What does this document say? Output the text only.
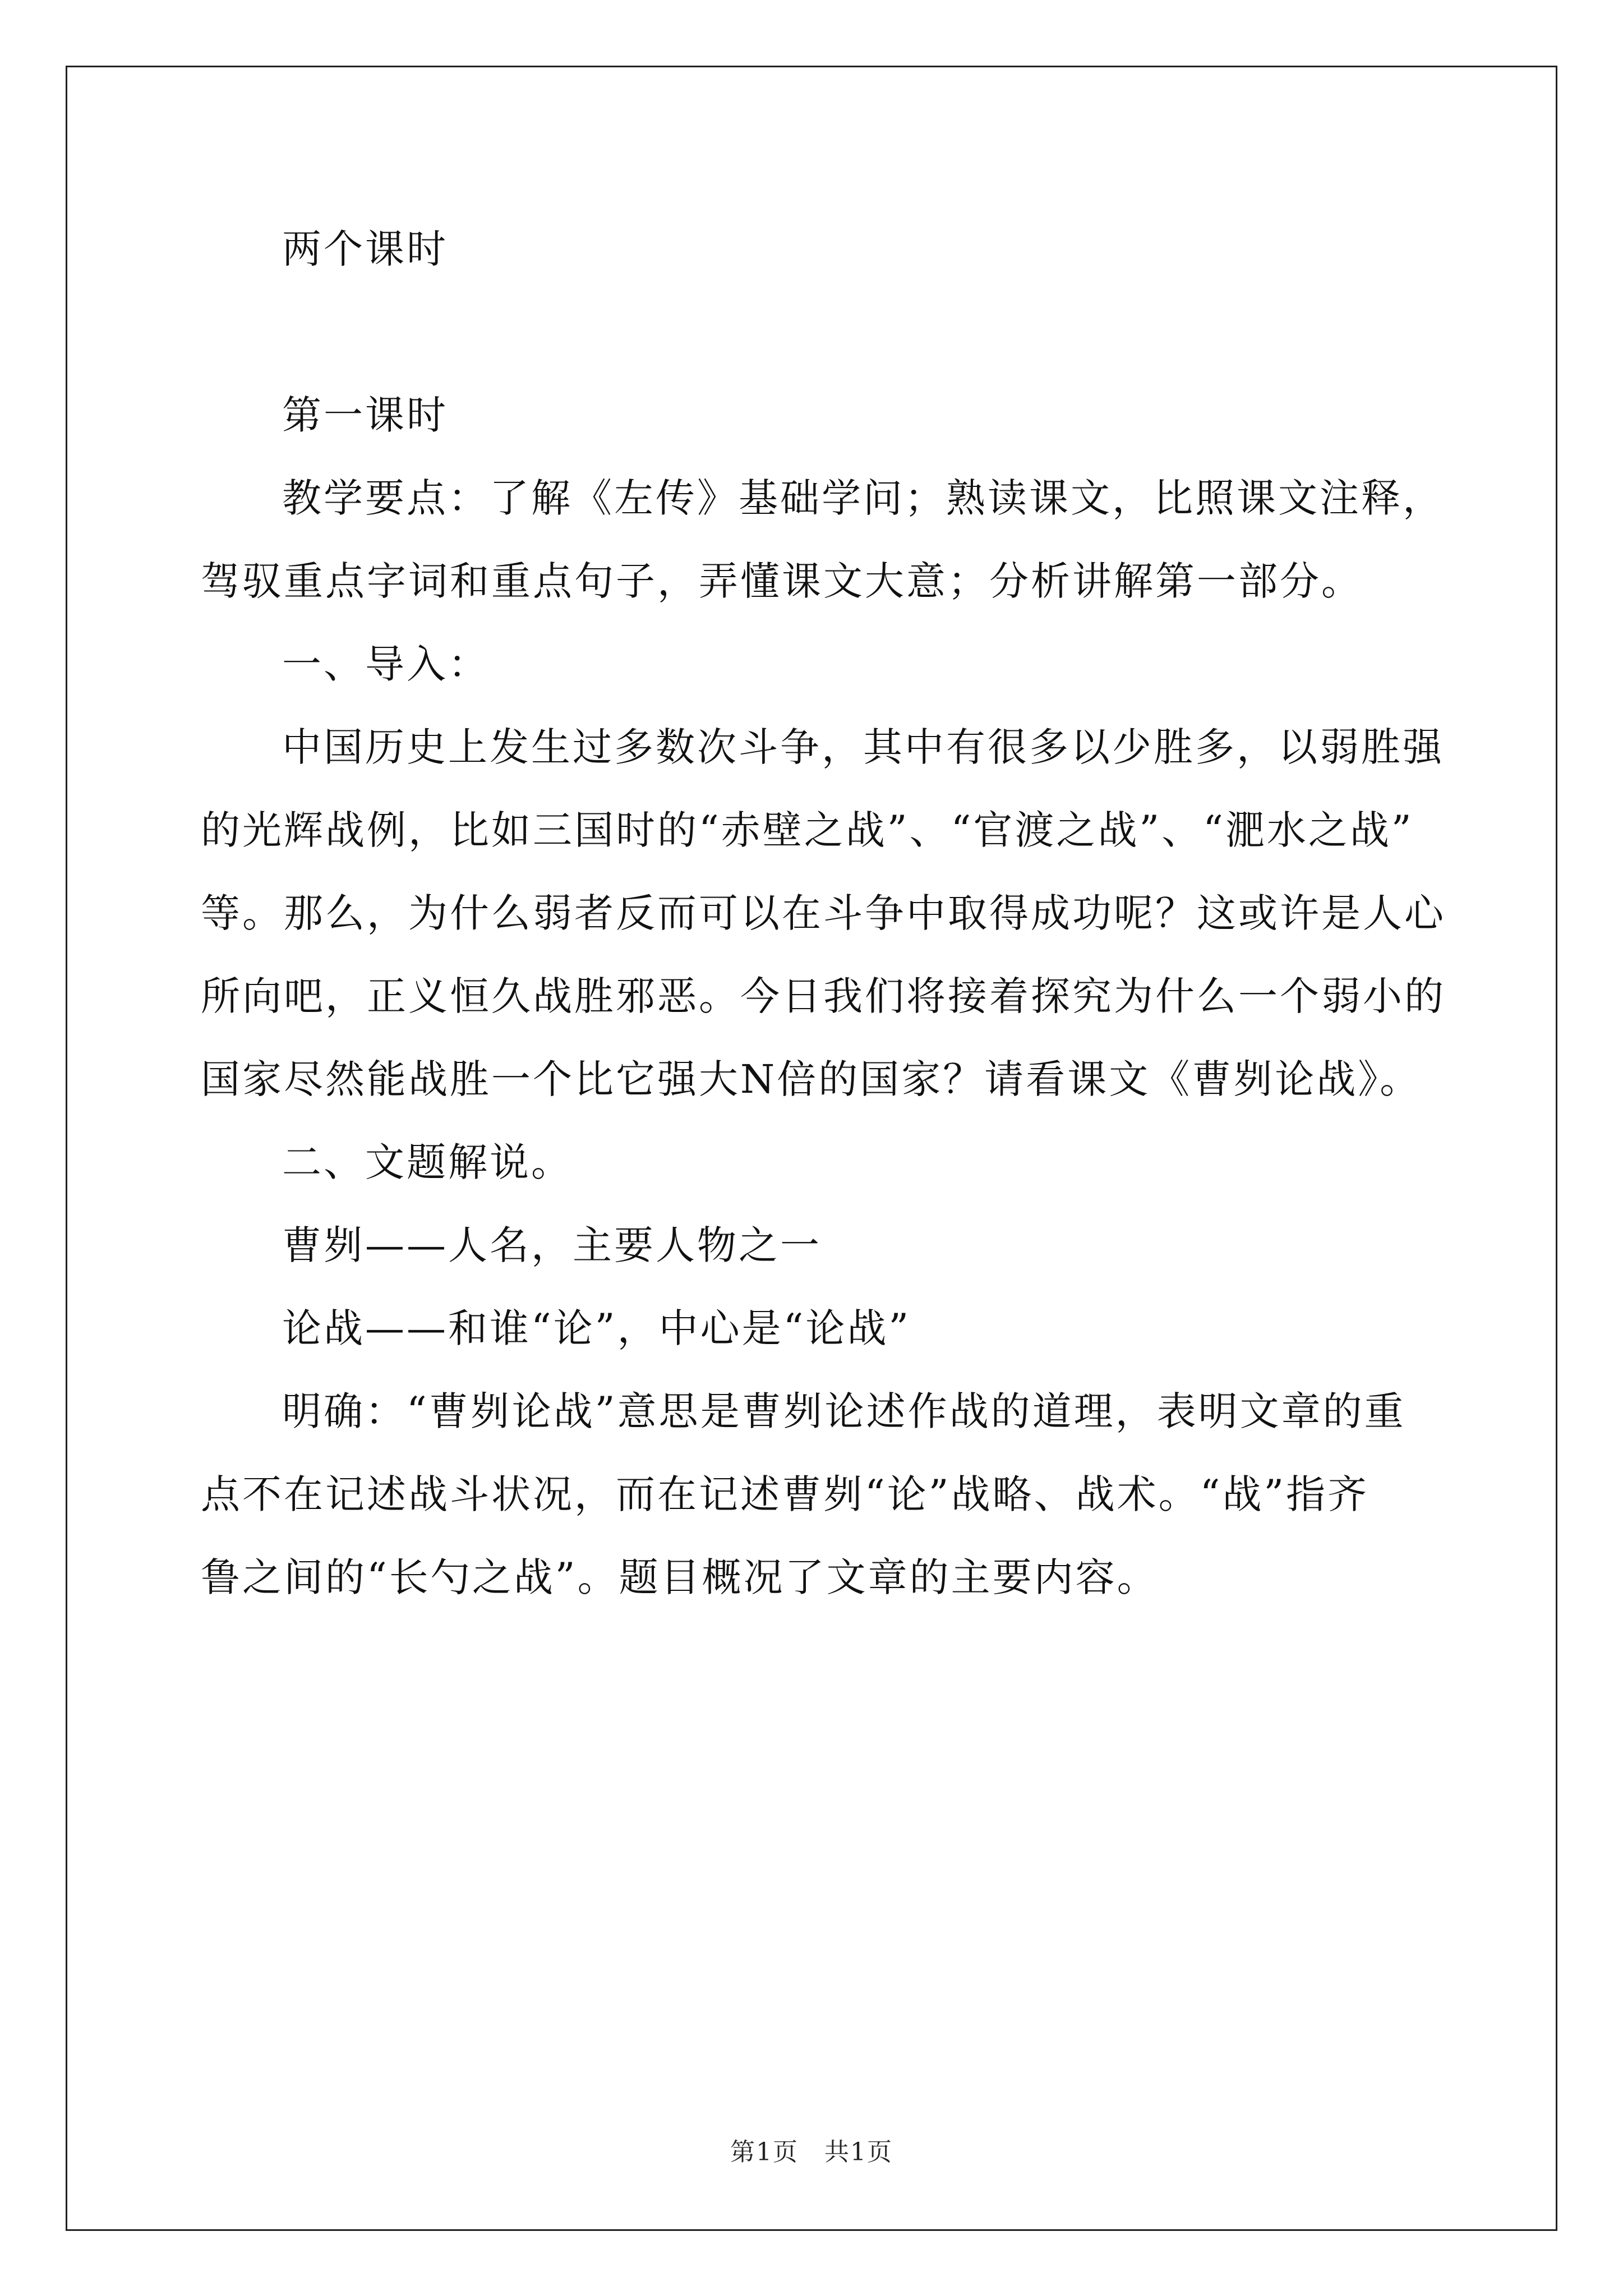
两个课时

第一课时

教学要点：了解《左传》基础学问；熟读课文，比照课文注释，

驾驭重点字词和重点句子，弄懂课文大意；分析讲解第一部分。

一、导入：

中国历史上发生过多数次斗争，其中有很多以少胜多，以弱胜强

的光辉战例，比如三国时的“赤壁之战”、“官渡之战”、“淝水之战”

等。那么，为什么弱者反而可以在斗争中取得成功呢？这或许是人心

所向吧，正义恒久战胜邪恶。今日我们将接着探究为什么一个弱小的

国家尽然能战胜一个比它强大N倍的国家？请看课文《曹刿论战》。

二、文题解说。

曹刿——人名，主要人物之一

论战——和谁“论”，中心是“论战”

明确：“曹刿论战”意思是曹刿论述作战的道理，表明文章的重

点不在记述战斗状况，而在记述曹刿“论”战略、战术。“战”指齐

鲁之间的“长勺之战”。题目概况了文章的主要内容。

第1页　共1页
